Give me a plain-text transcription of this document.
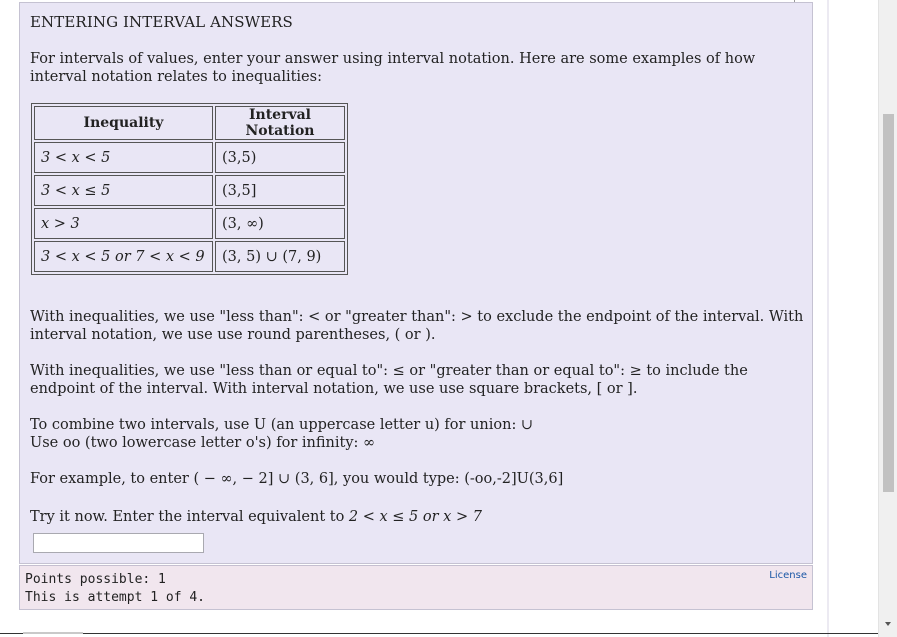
ENTERING INTERVAL ANSWERS
For intervals of values, enter your answer using interval notation. Here are some examples of how interval notation relates to inequalities:
Inequality	Interval Notation
3 < x < 5	(3,5)
3 < x ≤ 5	(3,5]
x > 3	(3, ∞)
3 < x < 5 or 7 < x < 9	(3, 5) ∪ (7, 9)
With inequalities, we use "less than": < or "greater than": > to exclude the endpoint of the interval. With interval notation, we use use round parentheses, ( or ).
With inequalities, we use "less than or equal to": ≤ or "greater than or equal to": ≥ to include the endpoint of the interval. With interval notation, we use use square brackets, [ or ].
To combine two intervals, use U (an uppercase letter u) for union: ∪
Use oo (two lowercase letter o's) for infinity: ∞
For example, to enter ( − ∞, − 2] ∪ (3, 6], you would type: (-oo,-2]U(3,6]
Try it now. Enter the interval equivalent to 2 < x ≤ 5 or x > 7
Points possible: 1
This is attempt 1 of 4.
License
